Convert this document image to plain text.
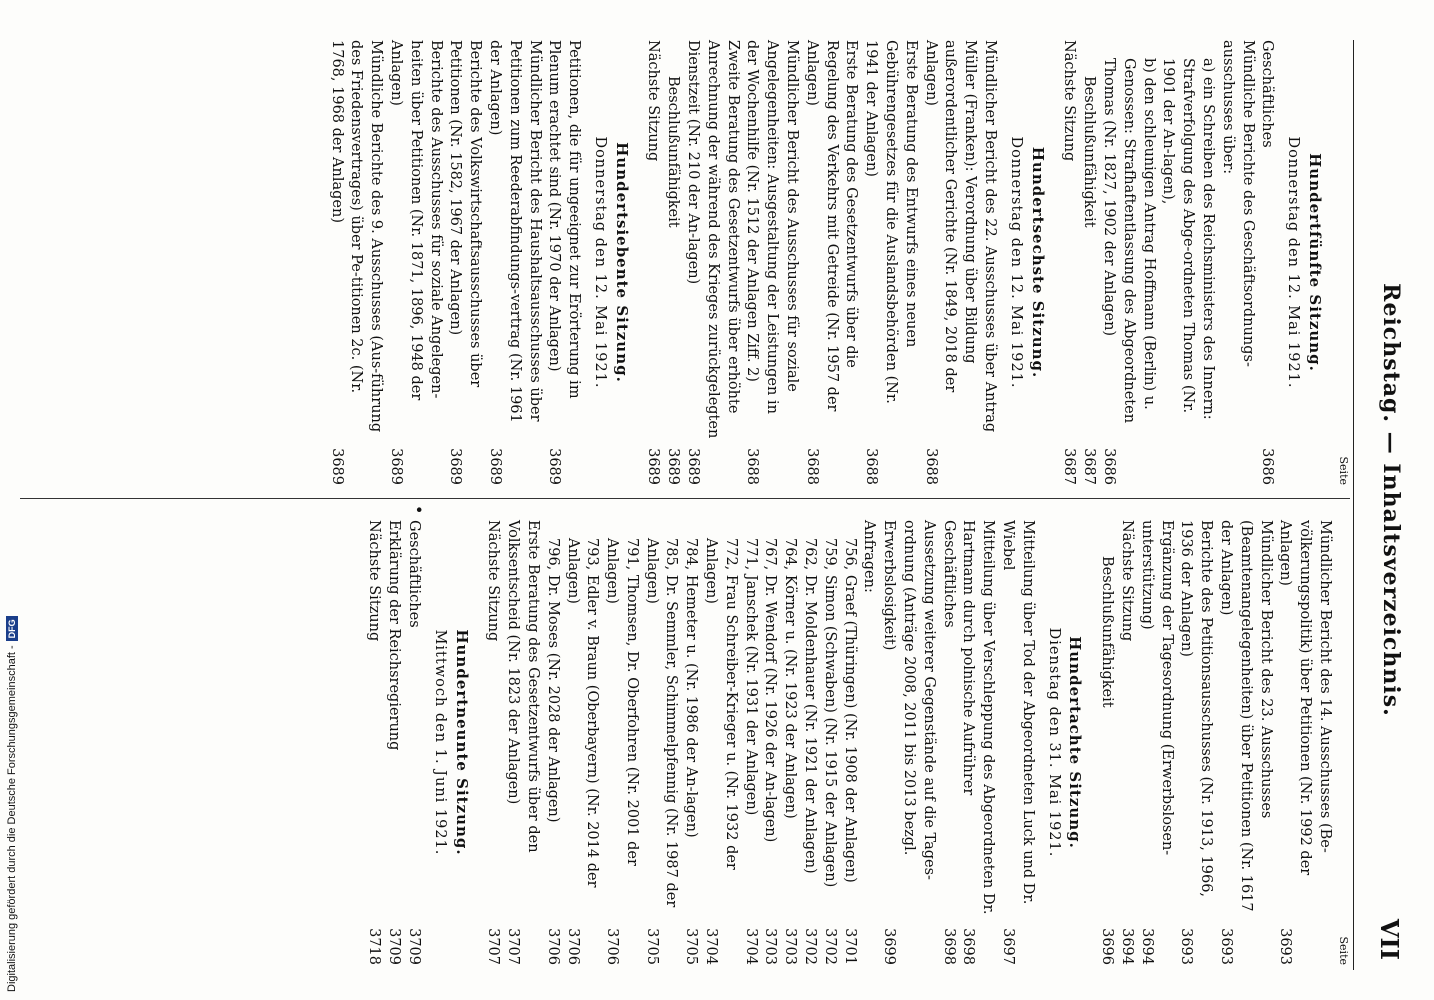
Reichstag. — Inhaltsverzeichnis.
VII
•
Seite
Hundertfünfte Sitzung.
Donnerstag den 12. Mai 1921.
Geschäftliches
3686
Mündliche Berichte des Geschäftsordnungs-ausschusses über:
a) ein Schreiben des Reichsministers des Innern: Strafverfolgung des Abge-ordneten Thomas (Nr. 1901 der An-lagen),
b) den schleunigen Antrag Hoffmann (Berlin) u. Genossen: Strafhaftentlassung des Abgeordneten Thomas (Nr. 1827, 1902 der Anlagen)
3686
Beschlußunfähigkeit
3687
Nächste Sitzung
3687
Hundertsechste Sitzung.
Donnerstag den 12. Mai 1921.
Mündlicher Bericht des 22. Ausschusses über Antrag Müller (Franken): Verordnung über Bildung außerordentlicher Gerichte (Nr. 1849, 2018 der Anlagen)
3688
Erste Beratung des Entwurfs eines neuen Gebührengesetzes für die Auslandsbehörden (Nr. 1941 der Anlagen)
3688
Erste Beratung des Gesetzentwurfs über die Regelung des Verkehrs mit Getreide (Nr. 1957 der Anlagen)
3688
Mündlicher Bericht des Ausschusses für soziale Angelegenheiten: Ausgestaltung der Leistungen in der Wochenhilfe (Nr. 1512 der Anlagen Ziff. 2)
3688
Zweite Beratung des Gesetzentwurfs über erhöhte Anrechnung der während des Krieges zurückgelegten Dienstzeit (Nr. 210 der An-lagen)
3689
Beschlußunfähigkeit
3689
Nächste Sitzung
3689
Hundertsiebente Sitzung.
Donnerstag den 12. Mai 1921.
Petitionen, die für ungeeignet zur Erörterung im Plenum erachtet sind (Nr. 1970 der Anlagen)
3689
Mündlicher Bericht des Haushaltsausschusses über Petitionen zum Reederabfindungs-vertrag (Nr. 1961 der Anlagen)
3689
Berichte des Volkswirtschaftsausschusses über Petitionen (Nr. 1582, 1967 der Anlagen)
3689
Berichte des Ausschusses für soziale Angelegen-heiten über Petitionen (Nr. 1871, 1896, 1948 der Anlagen)
3689
Mündliche Berichte des 9. Ausschusses (Aus-führung des Friedensvertrages) über Pe-titionen 2c. (Nr. 1768, 1968 der Anlagen)
3689
Seite
Mündlicher Bericht des 14. Ausschusses (Be-völkerungspolitik) über Petitionen (Nr. 1992 der Anlagen)
3693
Mündlicher Bericht des 23. Ausschusses (Beamtenangelegenheiten) über Petitionen (Nr. 1617 der Anlagen)
3693
Berichte des Petitionsausschusses (Nr. 1913, 1966, 1936 der Anlagen)
3693
Ergänzung der Tagesordnung (Erwerbslosen-unterstützung)
3694
Nächste Sitzung
3694
Beschlußunfähigkeit
3696
Hundertachte Sitzung.
Dienstag den 31. Mai 1921.
Mitteilung über Tod der Abgeordneten Luck und Dr. Wiebel
3697
Mitteilung über Verschleppung des Abgeordneten Dr. Hartmann durch polnische Aufrührer
3698
Geschäftliches
3698
Aussetzung weiterer Gegenstände auf die Tages-ordnung (Anträge 2008, 2011 bis 2013 bezgl. Erwerbslosigkeit)
3699
Anfragen:
756, Graef (Thüringen) (Nr. 1908 der Anlagen)
3701
759, Simon (Schwaben) (Nr. 1915 der Anlagen)
3702
762, Dr. Moldenhauer (Nr. 1921 der Anlagen)
3702
764, Körner u. (Nr. 1923 der Anlagen)
3703
767, Dr. Wendorf (Nr. 1926 der An-lagen)
3703
771, Janschek (Nr. 1931 der Anlagen)
3704
772, Frau Schreiber-Krieger u. (Nr. 1932 der Anlagen)
3704
784, Hemeter u. (Nr. 1986 der An-lagen)
3705
785, Dr. Semmler, Schimmelpfennig (Nr. 1987 der Anlagen)
3705
791, Thomsen, Dr. Oberfohren (Nr. 2001 der Anlagen)
3706
793, Edler v. Braun (Oberbayern) (Nr. 2014 der Anlagen)
3706
796, Dr. Moses (Nr. 2028 der Anlagen)
3706
Erste Beratung des Gesetzentwurfs über den Volksentscheid (Nr. 1823 der Anlagen)
3707
Nächste Sitzung
3707
Hundertneunte Sitzung.
Mittwoch den 1. Juni 1921.
Geschäftliches
3709
Erklärung der Reichsregierung
3709
Nächste Sitzung
3718
Digitalisierung gefördert durch die Deutsche Forschungsgemeinschaft -
DFG
